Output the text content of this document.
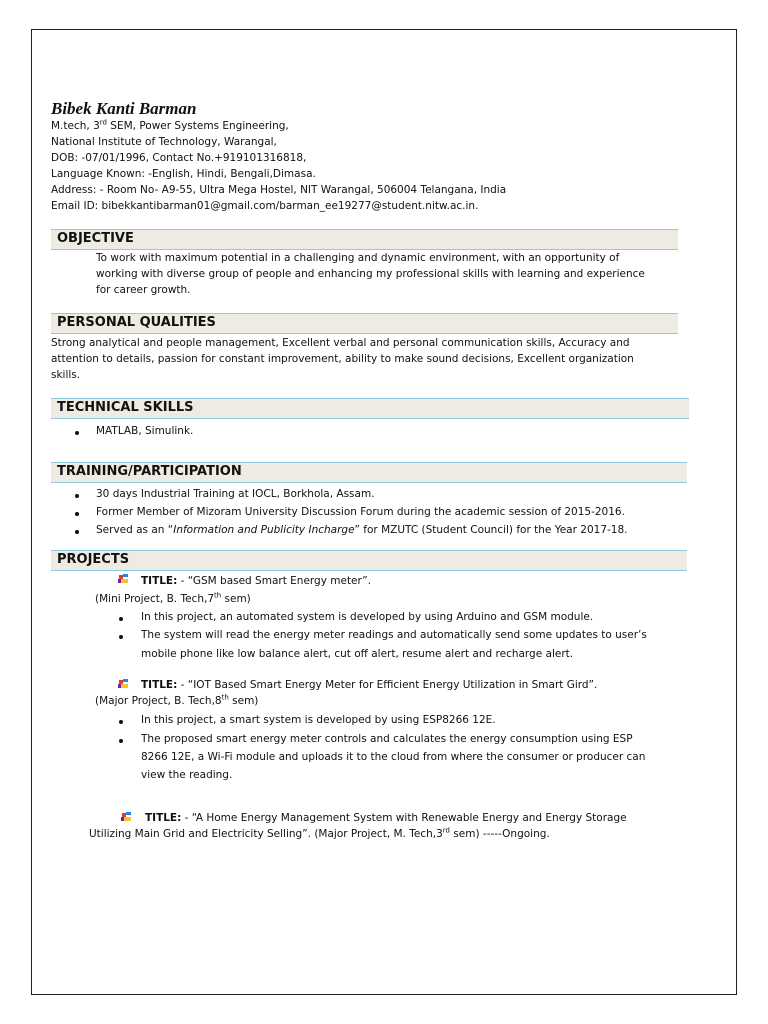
Bibek Kanti Barman
M.tech, 3rd SEM, Power Systems Engineering,
National Institute of Technology, Warangal,
DOB: -07/01/1996, Contact No.+919101316818,
Language Known: -English, Hindi, Bengali,Dimasa.
Address: - Room No- A9-55, Ultra Mega Hostel, NIT Warangal, 506004 Telangana, India
Email ID: bibekkantibarman01@gmail.com/barman_ee19277@student.nitw.ac.in.
OBJECTIVE
To work with maximum potential in a challenging and dynamic environment, with an opportunity of
working with diverse group of people and enhancing my professional skills with learning and experience
for career growth.
PERSONAL QUALITIES
Strong analytical and people management, Excellent verbal and personal communication skills, Accuracy and
attention to details, passion for constant improvement, ability to make sound decisions, Excellent organization
skills.
TECHNICAL SKILLS
MATLAB, Simulink.
TRAINING/PARTICIPATION
30 days Industrial Training at IOCL, Borkhola, Assam.
Former Member of Mizoram University Discussion Forum during the academic session of 2015-2016.
Served as an “Information and Publicity Incharge” for MZUTC (Student Council) for the Year 2017-18.
PROJECTS
TITLE: - “GSM based Smart Energy meter”.
(Mini Project, B. Tech,7th sem)
In this project, an automated system is developed by using Arduino and GSM module.
The system will read the energy meter readings and automatically send some updates to user’s
mobile phone like low balance alert, cut off alert, resume alert and recharge alert.
TITLE: - “IOT Based Smart Energy Meter for Efficient Energy Utilization in Smart Gird”.
(Major Project, B. Tech,8th sem)
In this project, a smart system is developed by using ESP8266 12E.
The proposed smart energy meter controls and calculates the energy consumption using ESP
8266 12E, a Wi-Fi module and uploads it to the cloud from where the consumer or producer can
view the reading.
TITLE: - “A Home Energy Management System with Renewable Energy and Energy Storage
Utilizing Main Grid and Electricity Selling”. (Major Project, M. Tech,3rd sem) -----Ongoing.
